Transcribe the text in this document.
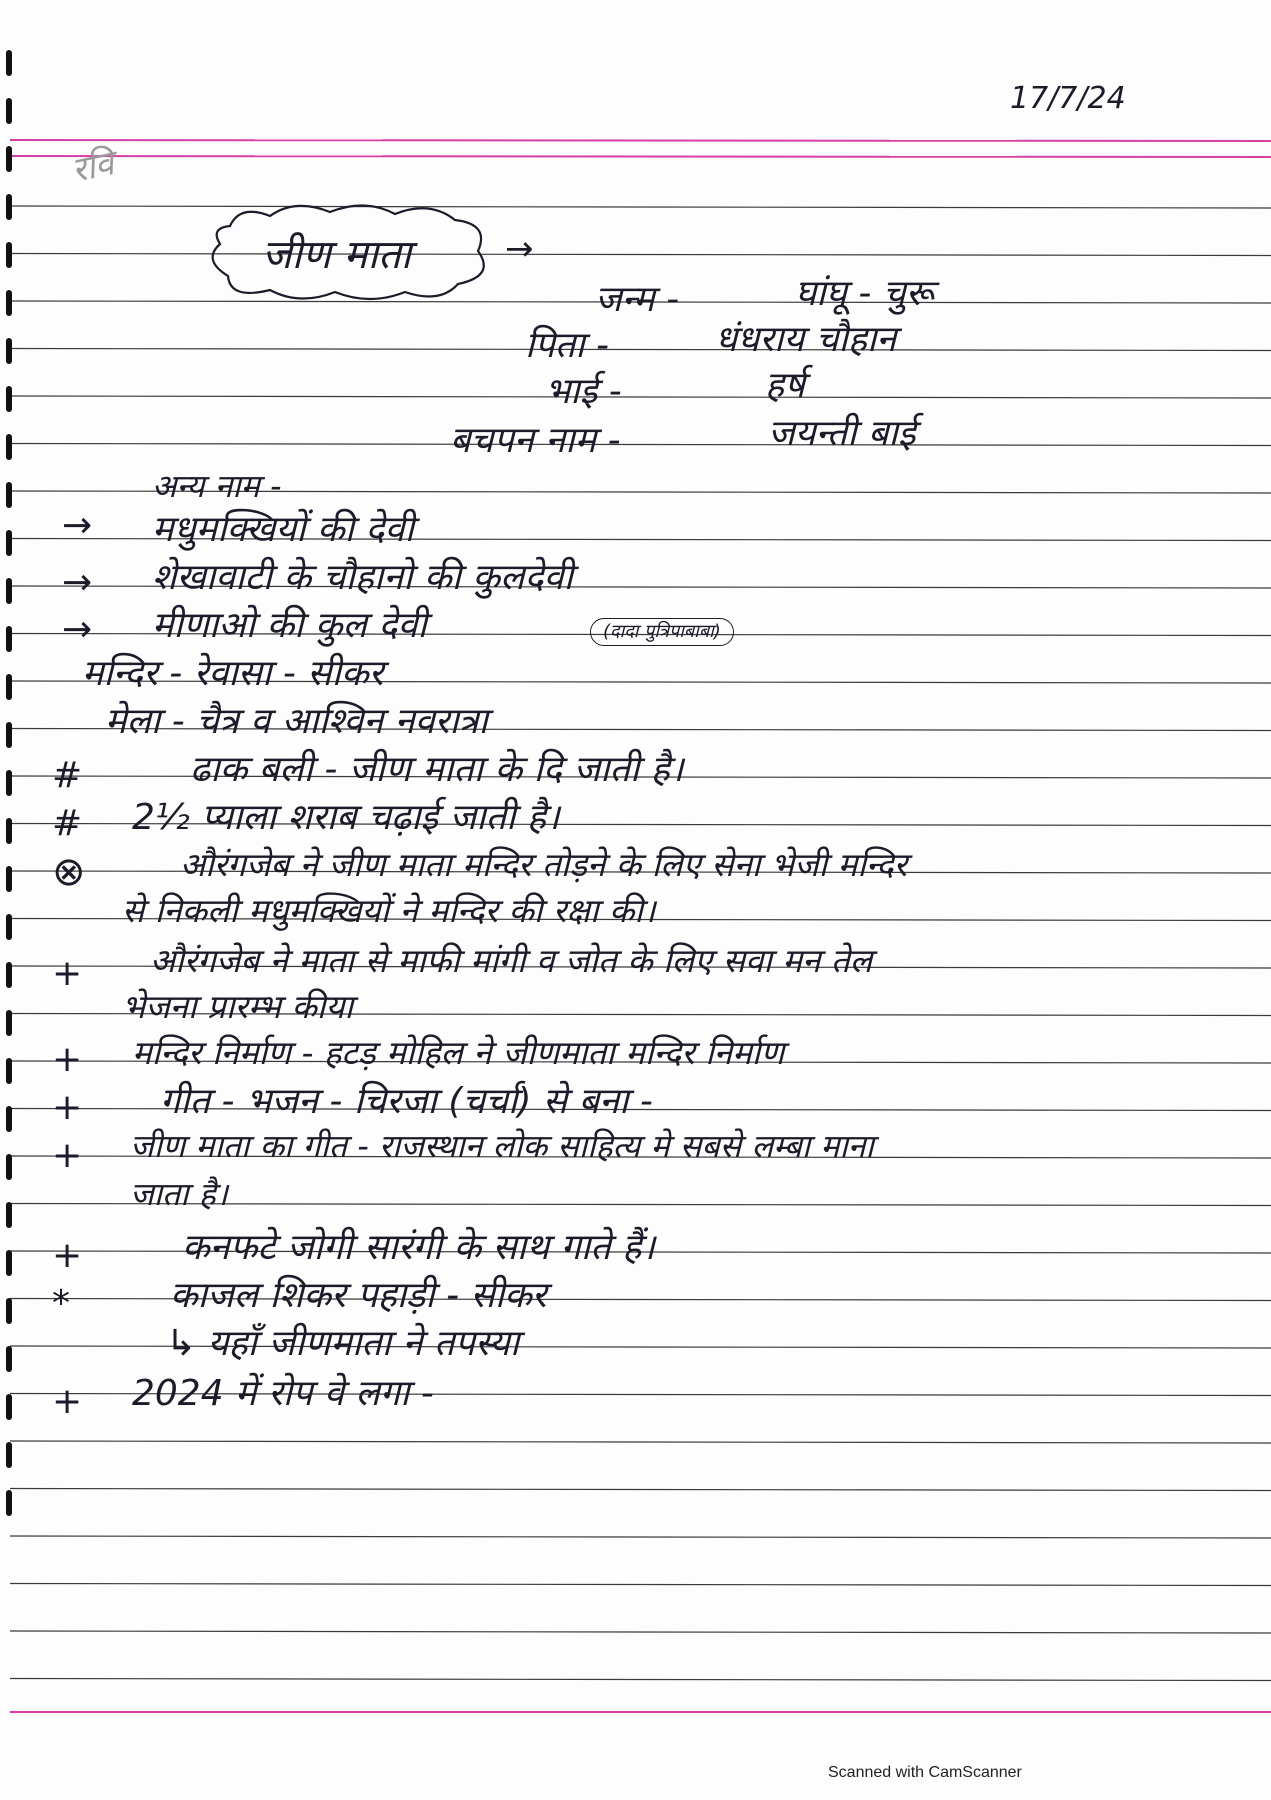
17/7/24
रवि
जीण माता	→
जन्म -	घांघू - चुरू
पिता -	धंधराय चौहान
भाई -	हर्ष
बचपन नाम -	जयन्ती बाई
अन्य नाम -
→ मधुमक्खियों की देवी
→ शेखावाटी के चौहानो की कुलदेवी
→ मीणाओ की कुल देवी	(दादा पुत्रिपाबाबा)
मन्दिर - रेवासा - सीकर
मेला - चैत्र व आश्विन नवरात्रा
#	ढाक बली - जीण माता के दि जाती है।
# 2½ प्याला शराब चढ़ाई जाती है।
⊗	औरंगजेब ने जीण माता मन्दिर तोड़ने के लिए सेना भेजी मन्दिर
से निकली मधुमक्खियों ने मन्दिर की रक्षा की।
+ औरंगजेब ने माता से माफी मांगी व जोत के लिए सवा मन तेल
भेजना प्रारम्भ कीया
+ मन्दिर निर्माण - हटड़ मोहिल ने जीणमाता मन्दिर निर्माण
+ गीत - भजन - चिरजा (चर्चा) से बना -
+ जीण माता का गीत - राजस्थान लोक साहित्य मे सबसे लम्बा माना
जाता है।
+	कनफटे जोगी सारंगी के साथ गाते हैं।
*	काजल शिकर पहाड़ी - सीकर
↳ यहाँ जीणमाता ने तपस्या
+ 2024 में रोप वे लगा -
Scanned with CamScanner
